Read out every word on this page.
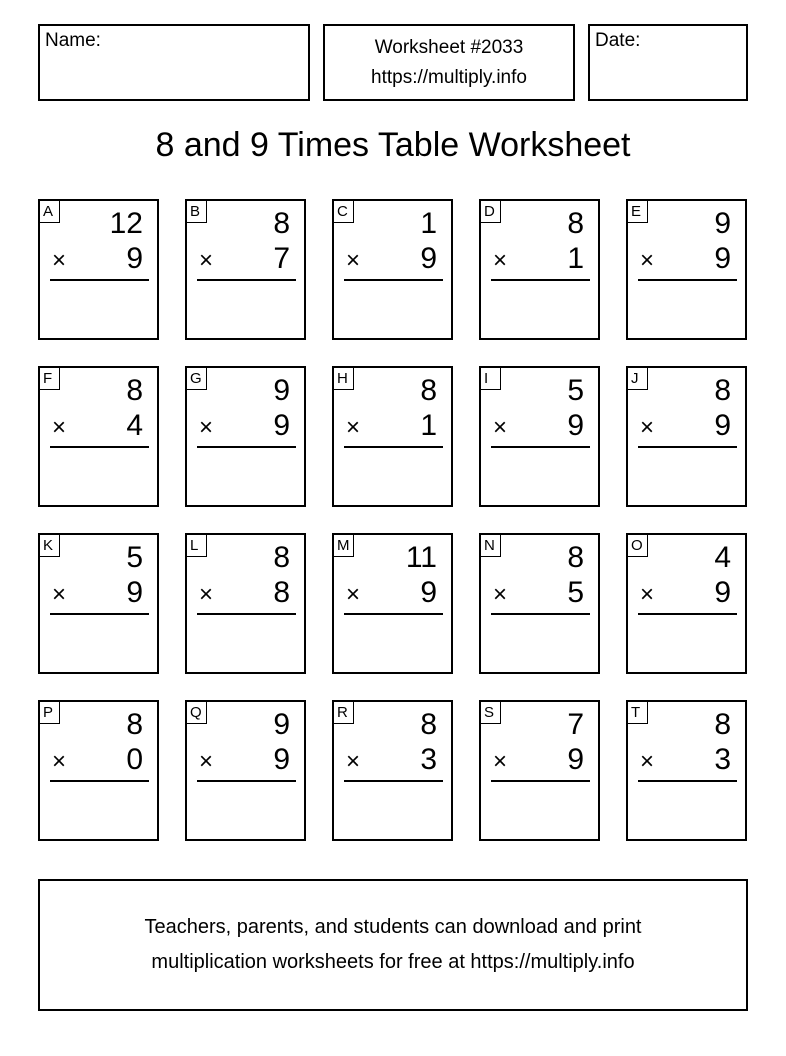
Name:	Worksheet #2033
https://multiply.info
Date:
8 and 9 Times Table Worksheet
A 12
× 9
B 8
× 7
C 1
× 9
D 8
× 1
E 9
× 9
F 8
× 4
G 9
× 9
H 8
× 1
I	5
× 9
J	8
× 9
K 5
× 9
L 8
× 8
M 11
× 9
N 8
× 5
O 4
× 9
P 8
× 0
Q 9
× 9
R 8
× 3
S 7
× 9
T 8
× 3
Teachers, parents, and students can download and print
multiplication worksheets for free at https://multiply.info
